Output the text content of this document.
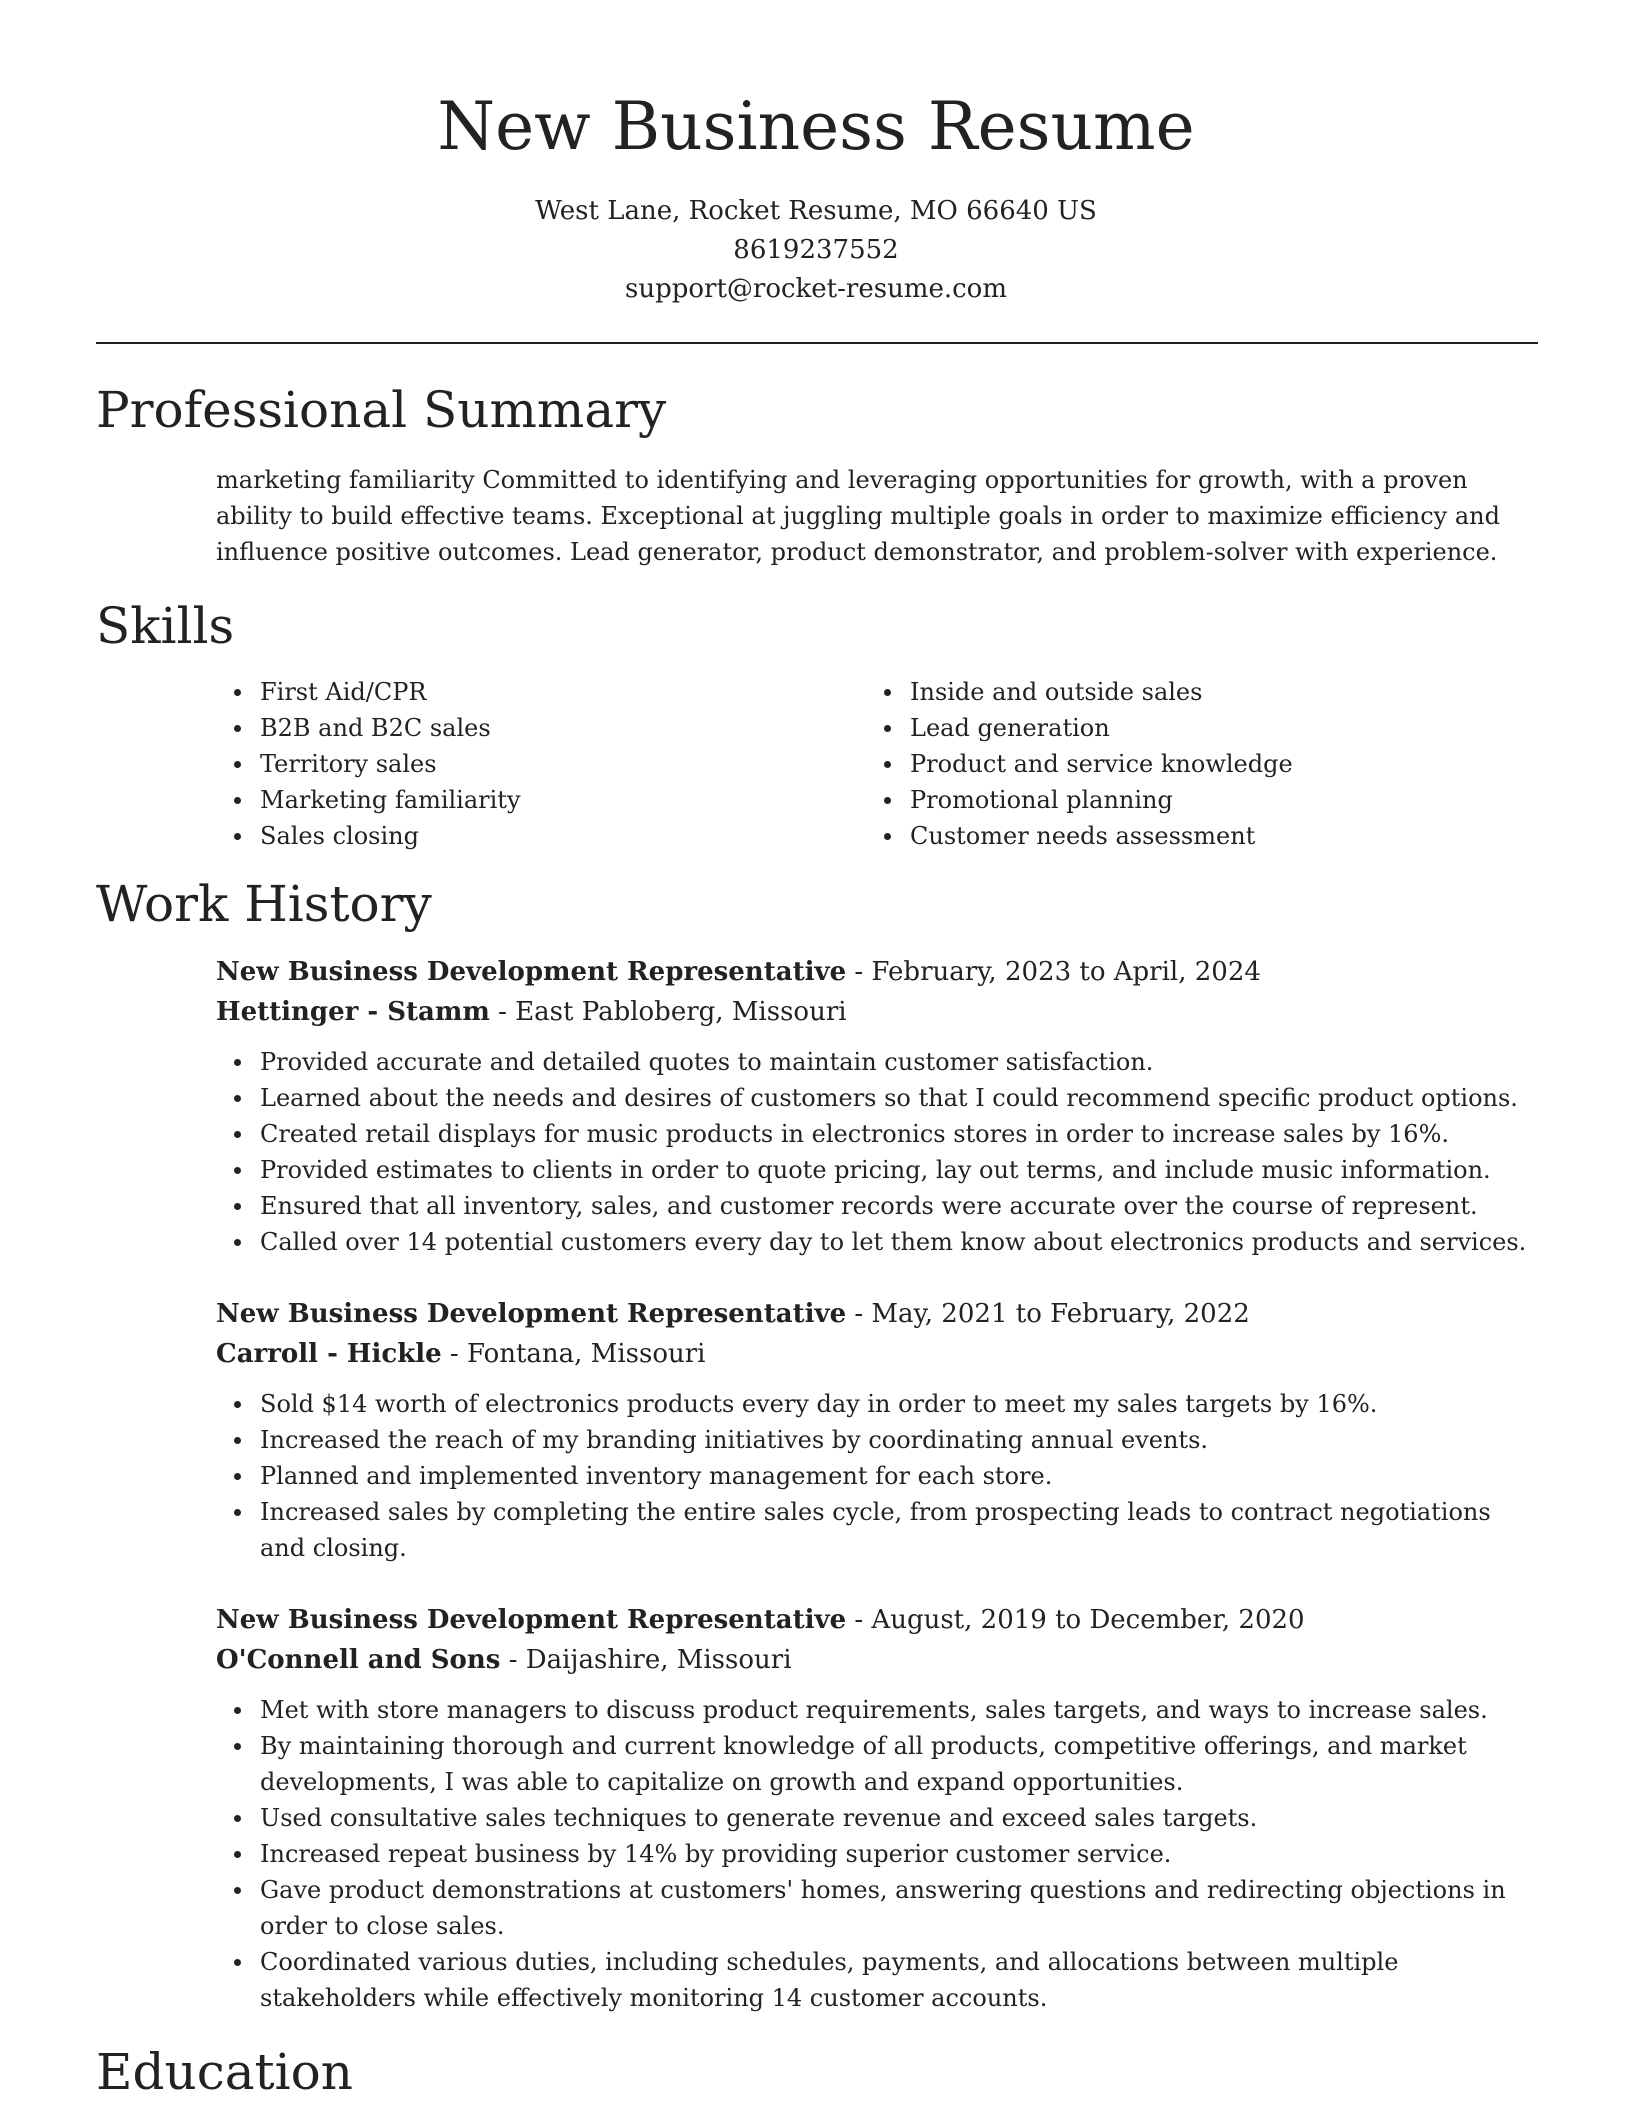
New Business Resume

West Lane, Rocket Resume, MO 66640 US

8619237552

support@rocket-resume.com

Professional Summary

marketing familiarity Committed to identifying and leveraging opportunities for growth, with a proven ability to build effective teams. Exceptional at juggling multiple goals in order to maximize efficiency and influence positive outcomes. Lead generator, product demonstrator, and problem-solver with experience.

Skills
First Aid/CPR
B2B and B2C sales
Territory sales
Marketing familiarity
Sales closing
Inside and outside sales
Lead generation
Product and service knowledge
Promotional planning
Customer needs assessment
Work History

New Business Development Representative - February, 2023 to April, 2024

Hettinger - Stamm - East Pabloberg, Missouri

Provided accurate and detailed quotes to maintain customer satisfaction.
Learned about the needs and desires of customers so that I could recommend specific product options.
Created retail displays for music products in electronics stores in order to increase sales by 16%.
Provided estimates to clients in order to quote pricing, lay out terms, and include music information.
Ensured that all inventory, sales, and customer records were accurate over the course of represent.
Called over 14 potential customers every day to let them know about electronics products and services.

New Business Development Representative - May, 2021 to February, 2022

Carroll - Hickle - Fontana, Missouri

Sold $14 worth of electronics products every day in order to meet my sales targets by 16%.
Increased the reach of my branding initiatives by coordinating annual events.
Planned and implemented inventory management for each store.
Increased sales by completing the entire sales cycle, from prospecting leads to contract negotiations and closing.

New Business Development Representative - August, 2019 to December, 2020

O'Connell and Sons - Daijashire, Missouri

Met with store managers to discuss product requirements, sales targets, and ways to increase sales.
By maintaining thorough and current knowledge of all products, competitive offerings, and market developments, I was able to capitalize on growth and expand opportunities.
Used consultative sales techniques to generate revenue and exceed sales targets.
Increased repeat business by 14% by providing superior customer service.
Gave product demonstrations at customers' homes, answering questions and redirecting objections in order to close sales.
Coordinated various duties, including schedules, payments, and allocations between multiple stakeholders while effectively monitoring 14 customer accounts.
Education
